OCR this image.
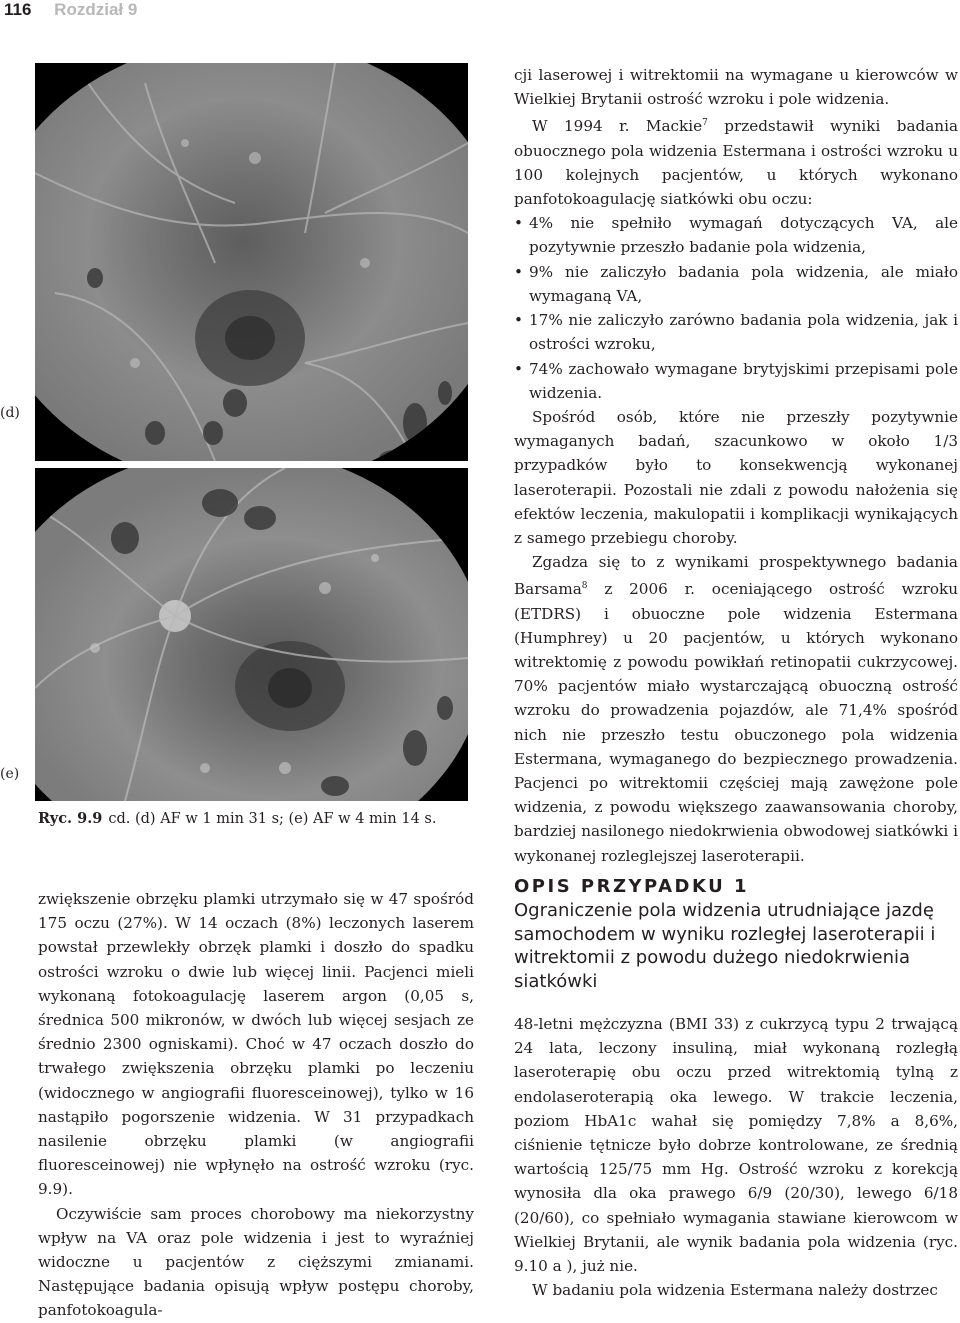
116 Rozdział 9
(d)
(e)
Ryc. 9.9 cd. (d) AF w 1 min 31 s; (e) AF w 4 min 14 s.

cji laserowej i witrektomii na wymagane u kierowców w Wielkiej Brytanii ostrość wzroku i pole widzenia.

W 1994 r. Mackie$^7$ przedstawił wyniki badania obuocznego pola widzenia Estermana i ostrości wzroku u 100 kolejnych pacjentów, u których wykonano panfotokoagulację siatkówki obu oczu:

• 4% nie spełniło wymagań dotyczących VA, ale pozytywnie przeszło badanie pola widzenia,
• 9% nie zaliczyło badania pola widzenia, ale miało wymaganą VA,
• 17% nie zaliczyło zarówno badania pola widzenia, jak i ostrości wzroku,
• 74% zachowało wymagane brytyjskimi przepisami pole widzenia.

Spośród osób, które nie przeszły pozytywnie wymaganych badań, szacunkowo w około 1/3 przypadków było to konsekwencją wykonanej laseroterapii. Pozostali nie zdali z powodu nałożenia się efektów leczenia, makulopatii i komplikacji wynikających z samego przebiegu choroby.

Zgadza się to z wynikami prospektywnego badania Barsama$^8$ z 2006 r. oceniającego ostrość wzroku (ETDRS) i obuoczne pole widzenia Estermana (Humphrey) u 20 pacjentów, u których wykonano witrektomię z powodu powikłań retinopatii cukrzycowej. 70% pacjentów miało wystarczającą obuoczną ostrość wzroku do prowadzenia pojazdów, ale 71,4% spośród nich nie przeszło testu obuczonego pola widzenia Estermana, wymaganego do bezpiecznego prowadzenia. Pacjenci po witrektomii częściej mają zawężone pole widzenia, z powodu większego zaawansowania choroby, bardziej nasilonego niedokrwienia obwodowej siatkówki i wykonanej rozleglejszej laseroterapii.

zwiększenie obrzęku plamki utrzymało się w 47 spośród 175 oczu (27%). W 14 oczach (8%) leczonych laserem powstał przewlekły obrzęk plamki i doszło do spadku ostrości wzroku o dwie lub więcej linii. Pacjenci mieli wykonaną fotokoagulację laserem argon (0,05 s, średnica 500 mikronów, w dwóch lub więcej sesjach ze średnio 2300 ogniskami). Choć w 47 oczach doszło do trwałego zwiększenia obrzęku plamki po leczeniu (widocznego w angiografii fluoresceinowej), tylko w 16 nastąpiło pogorszenie widzenia. W 31 przypadkach nasilenie obrzęku plamki (w angiografii fluoresceinowej) nie wpłynęło na ostrość wzroku (ryc. 9.9).

Oczywiście sam proces chorobowy ma niekorzystny wpływ na VA oraz pole widzenia i jest to wyraźniej widoczne u pacjentów z cięższymi zmianami. Następujące badania opisują wpływ postępu choroby, panfotokoagula-

OPIS PRZYPADKU 1
Ograniczenie pola widzenia utrudniające jazdę samochodem w wyniku rozległej laseroterapii i witrektomii z powodu dużego niedokrwienia siatkówki

48-letni mężczyzna (BMI 33) z cukrzycą typu 2 trwającą 24 lata, leczony insuliną, miał wykonaną rozległą laseroterapię obu oczu przed witrektomią tylną z endolaseroterapią oka lewego. W trakcie leczenia, poziom HbA1c wahał się pomiędzy 7,8% a 8,6%, ciśnienie tętnicze było dobrze kontrolowane, ze średnią wartością 125/75 mm Hg. Ostrość wzroku z korekcją wynosiła dla oka prawego 6/9 (20/30), lewego 6/18 (20/60), co spełniało wymagania stawiane kierowcom w Wielkiej Brytanii, ale wynik badania pola widzenia (ryc. 9.10 a ), już nie.

W badaniu pola widzenia Estermana należy dostrzec
